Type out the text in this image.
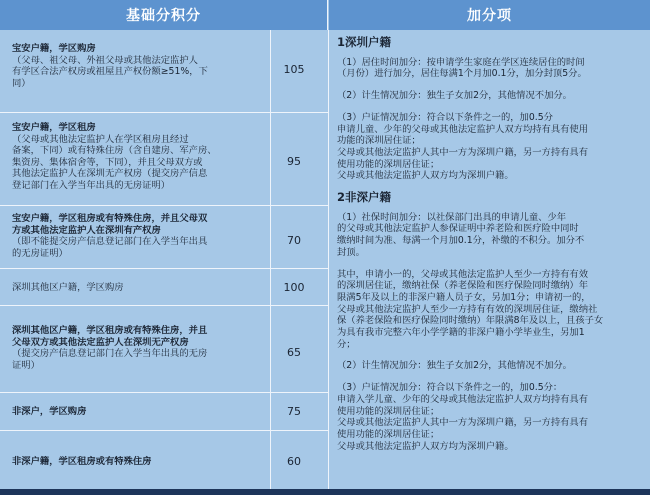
基础分积分	加分项
宝安户籍，学区购房
（父母、祖父母、外祖父母或其他法定监护人
有学区合法产权房或祖屋且产权份额≥51%，下
同）
105
宝安户籍，学区租房
（父母或其他法定监护人在学区租房且经过
备案，下同）或有特殊住房（含自建房、军产房、
集资房、集体宿舍等，下同），并且父母双方或
其他法定监护人在深圳无产权房（提交房产信息
登记部门在入学当年出具的无房证明）
95
宝安户籍，学区租房或有特殊住房，并且父母双
方或其他法定监护人在深圳有产权房
（即不能提交房产信息登记部门在入学当年出具
的无房证明）
70
深圳其他区户籍，学区购房	100
深圳其他区户籍，学区租房或有特殊住房，并且
父母双方或其他法定监护人在深圳无产权房
（提交房产信息登记部门在入学当年出具的无房
证明）
65
非深户，学区购房	75
非深户籍，学区租房或有特殊住房	60
1深圳户籍
（1）居住时间加分：按申请学生家庭在学区连续居住的时间
（月份）进行加分，居住每满1个月加0.1分，加分封顶5分。
（2）计生情况加分：独生子女加2分，其他情况不加分。
（3）户证情况加分：符合以下条件之一的，加0.5分
申请儿童、少年的父母或其他法定监护人双方均持有具有使用
功能的深圳居住证；
父母或其他法定监护人其中一方为深圳户籍，另一方持有具有
使用功能的深圳居住证；
父母或其他法定监护人双方均为深圳户籍。
2非深户籍
（1）社保时间加分：以社保部门出具的申请儿童、少年
的父母或其他法定监护人参保证明中养老险和医疗险中同时
缴纳时间为准、每满一个月加0.1分，补缴的不积分。加分不
封顶。
其中，申请小一的，父母或其他法定监护人至少一方持有有效
的深圳居住证，缴纳社保（养老保险和医疗保险同时缴纳）年
限满5年及以上的非深户籍人员子女，另加1分；申请初一的，
父母或其他法定监护人至少一方持有有效的深圳居住证，缴纳社
保（养老保险和医疗保险同时缴纳）年限满8年及以上，且孩子女
为具有我市完整六年小学学籍的非深户籍小学毕业生，另加1
分；
（2）计生情况加分：独生子女加2分，其他情况不加分。
（3）户证情况加分：符合以下条件之一的，加0.5分：
申请入学儿童、少年的父母或其他法定监护人双方均持有具有
使用功能的深圳居住证；
父母或其他法定监护人其中一方为深圳户籍，另一方持有具有
使用功能的深圳居住证；
父母或其他法定监护人双方均为深圳户籍。
